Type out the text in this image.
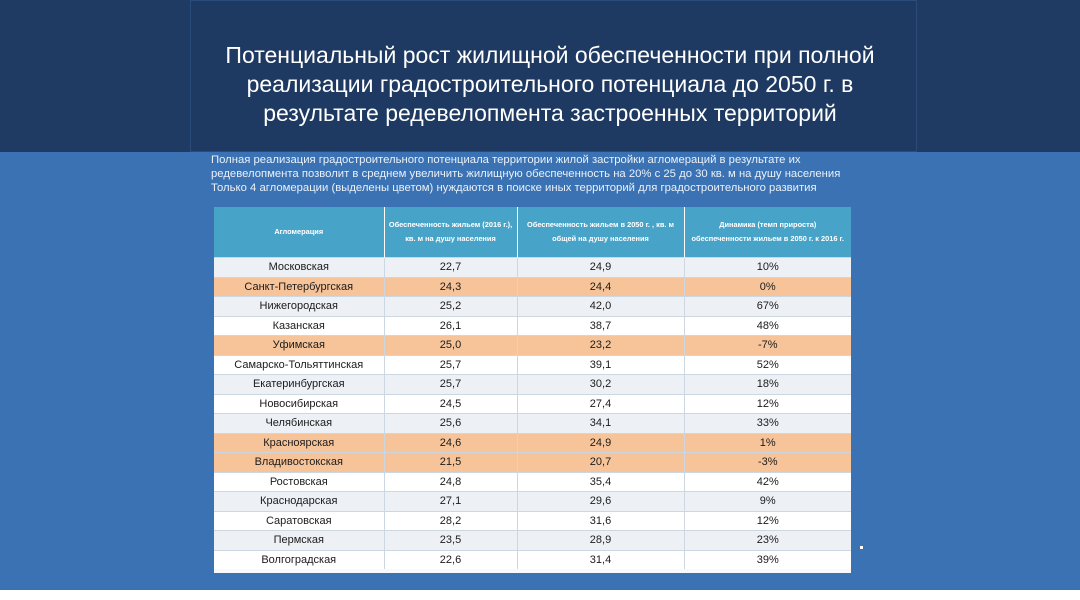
Потенциальный рост жилищной обеспеченности при полной реализации градостроительного потенциала до 2050 г. в результате редевелопмента застроенных территорий
Полная реализация градостроительного потенциала территории жилой застройки агломераций в результате их
редевелопмента позволит в среднем увеличить жилищную обеспеченность на 20% с 25 до 30 кв. м на душу населения
Только 4 агломерации (выделены цветом) нуждаются в поиске иных территорий для градостроительного развития
Агломерация	Обеспеченность жильем (2016 г.), кв. м на душу населения	Обеспеченность жильем в 2050 г. , кв. м общей на душу населения	Динамика (темп прироста) обеспеченности жильем в 2050 г. к 2016 г.
Московская	22,7	24,9	10%
Санкт-Петербургская	24,3	24,4	0%
Нижегородская	25,2	42,0	67%
Казанская	26,1	38,7	48%
Уфимская	25,0	23,2	-7%
Самарско-Тольяттинская	25,7	39,1	52%
Екатеринбургская	25,7	30,2	18%
Новосибирская	24,5	27,4	12%
Челябинская	25,6	34,1	33%
Красноярская	24,6	24,9	1%
Владивостокская	21,5	20,7	-3%
Ростовская	24,8	35,4	42%
Краснодарская	27,1	29,6	9%
Саратовская	28,2	31,6	12%
Пермская	23,5	28,9	23%
Волгоградская	22,6	31,4	39%
